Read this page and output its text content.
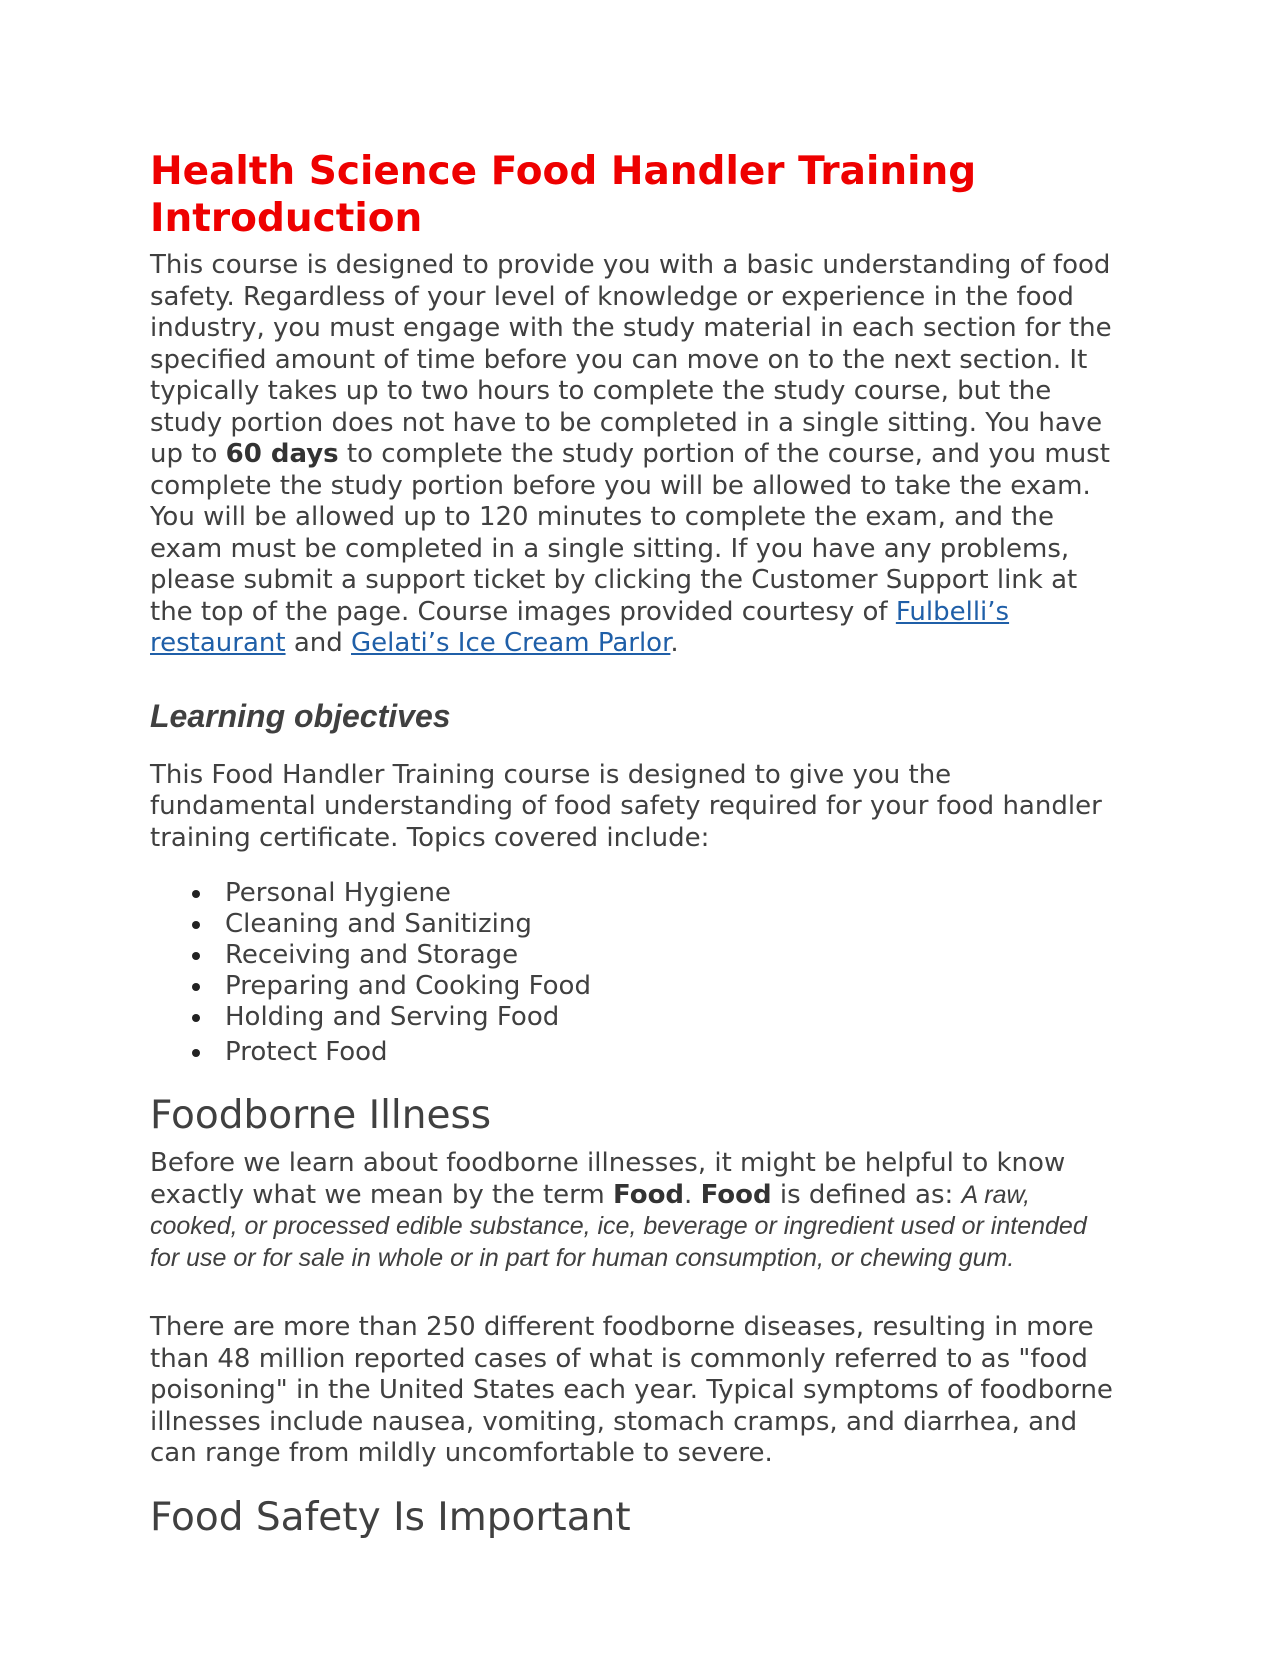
Health Science Food Handler Training
Introduction

This course is designed to provide you with a basic understanding of food safety. Regardless of your level of knowledge or experience in the food industry, you must engage with the study material in each section for the specified amount of time before you can move on to the next section. It typically takes up to two hours to complete the study course, but the study portion does not have to be completed in a single sitting. You have up to 60 days to complete the study portion of the course, and you must complete the study portion before you will be allowed to take the exam. You will be allowed up to 120 minutes to complete the exam, and the exam must be completed in a single sitting. If you have any problems, please submit a support ticket by clicking the Customer Support link at the top of the page. Course images provided courtesy of Fulbelli’s
restaurant and Gelati’s Ice Cream Parlor.

Learning objectives

This Food Handler Training course is designed to give you the fundamental understanding of food safety required for your food handler training certificate. Topics covered include:

Personal Hygiene
Cleaning and Sanitizing
Receiving and Storage
Preparing and Cooking Food
Holding and Serving Food
Protect Food
Foodborne Illness

Before we learn about foodborne illnesses, it might be helpful to know exactly what we mean by the term Food. Food is defined as: A raw, cooked, or processed edible substance, ice, beverage or ingredient used or intended for use or for sale in whole or in part for human consumption, or chewing gum.

There are more than 250 different foodborne diseases, resulting in more than 48 million reported cases of what is commonly referred to as "food poisoning" in the United States each year. Typical symptoms of foodborne illnesses include nausea, vomiting, stomach cramps, and diarrhea, and can range from mildly uncomfortable to severe.

Food Safety Is Important
